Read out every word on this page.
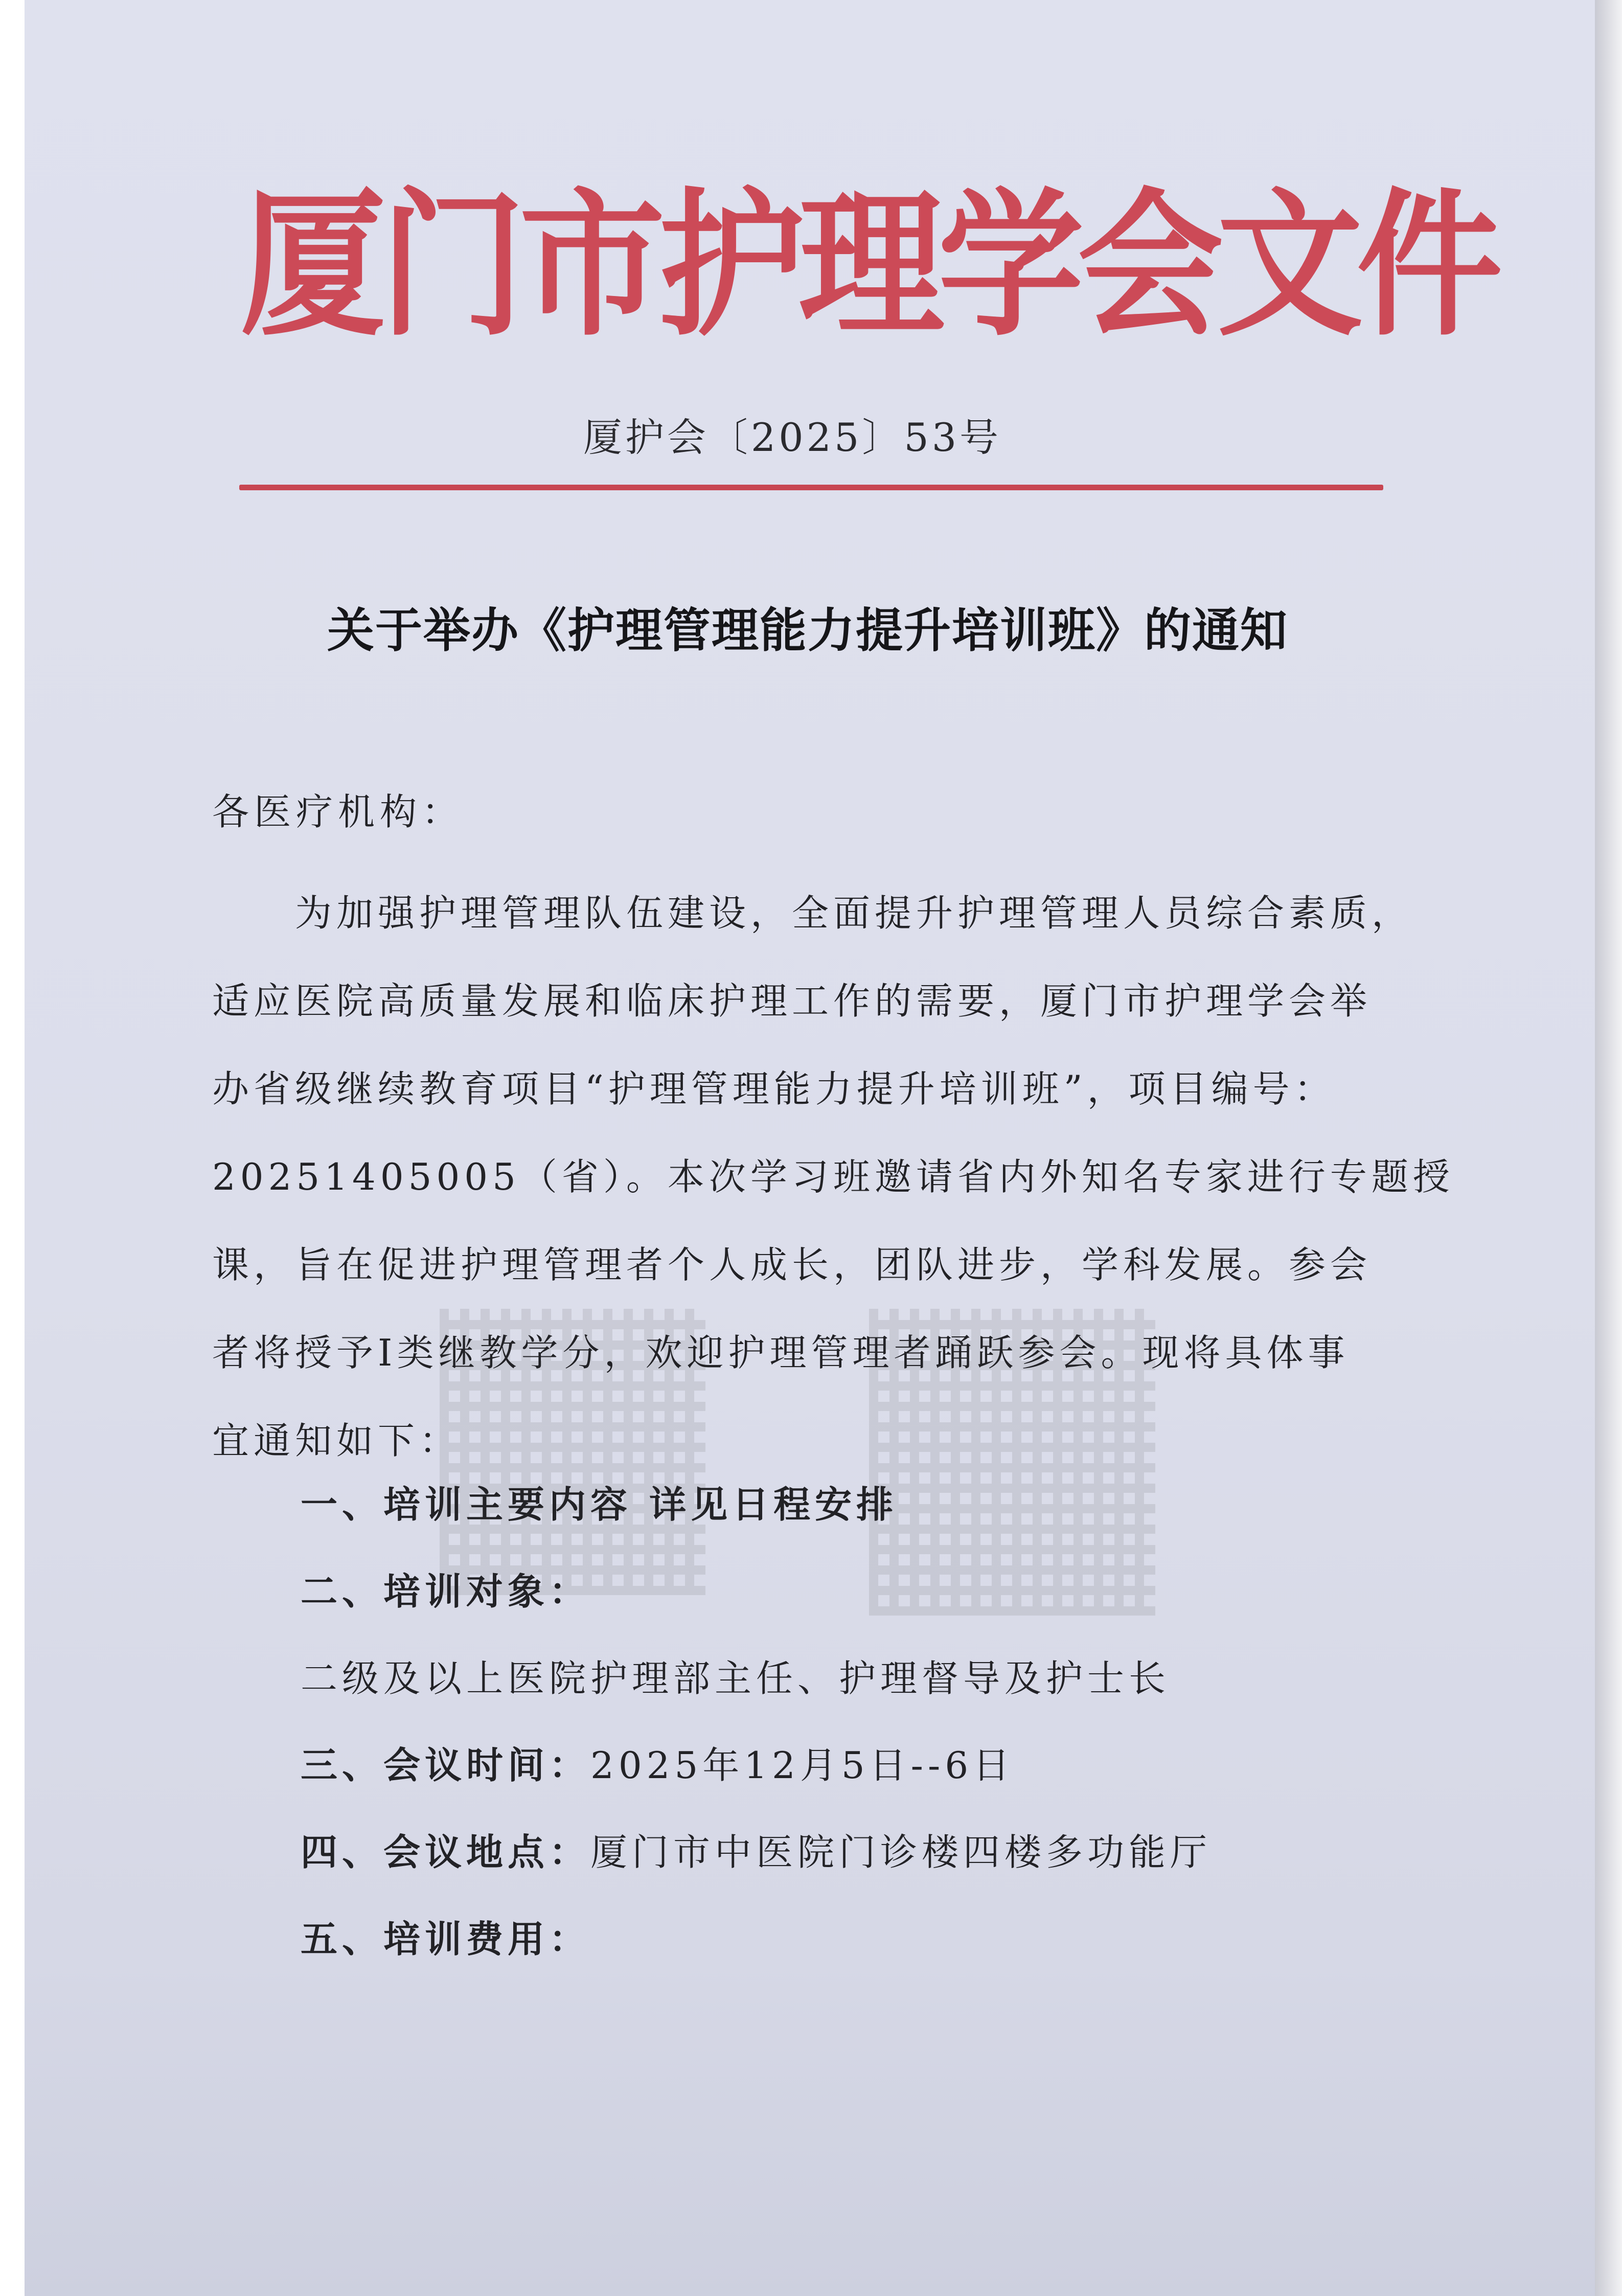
厦门市护理学会文件
厦护会〔2025〕53号
关于举办《护理管理能力提升培训班》的通知
各医疗机构：
　　为加强护理管理队伍建设，全面提升护理管理人员综合素质，
适应医院高质量发展和临床护理工作的需要，厦门市护理学会举
办省级继续教育项目“护理管理能力提升培训班”，项目编号：
20251405005（省）。本次学习班邀请省内外知名专家进行专题授
课，旨在促进护理管理者个人成长，团队进步，学科发展。参会
者将授予Ⅰ类继教学分，欢迎护理管理者踊跃参会。现将具体事
宜通知如下：
一、培训主要内容 详见日程安排
二、培训对象：
二级及以上医院护理部主任、护理督导及护士长
三、会议时间：2025年12月5日--6日
四、会议地点：厦门市中医院门诊楼四楼多功能厅
五、培训费用：
